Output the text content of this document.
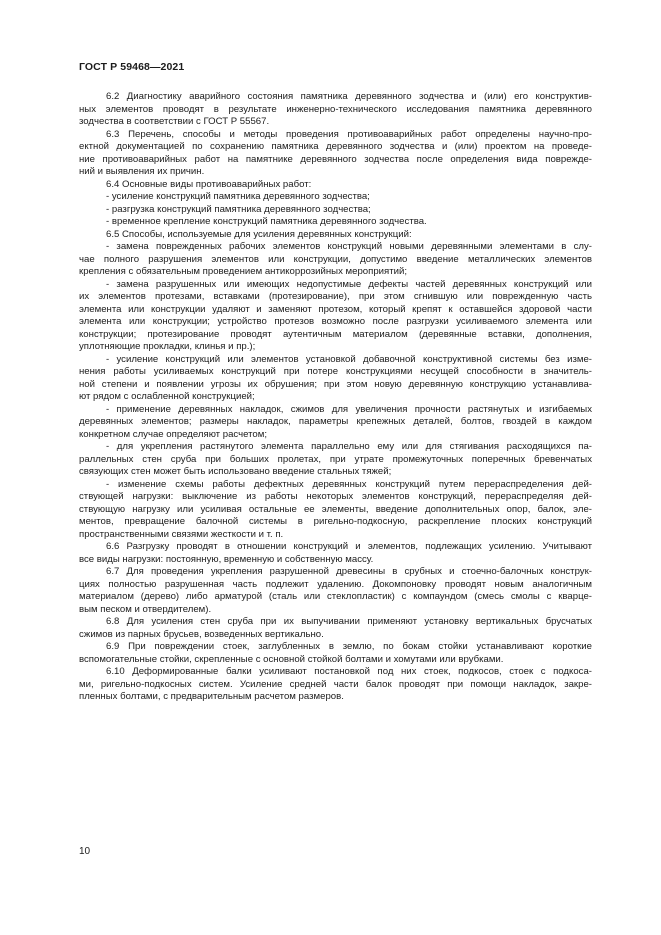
ГОСТ Р 59468—2021
6.2 Диагностику аварийного состояния памятника деревянного зодчества и (или) его конструктив-
ных элементов проводят в результате инженерно-технического исследования памятника деревянного
зодчества в соответствии с ГОСТ Р 55567.
6.3 Перечень, способы и методы проведения противоаварийных работ определены научно-про-
ектной документацией по сохранению памятника деревянного зодчества и (или) проектом на проведе-
ние противоаварийных работ на памятнике деревянного зодчества после определения вида поврежде-
ний и выявления их причин.
6.4 Основные виды противоаварийных работ:
- усиление конструкций памятника деревянного зодчества;
- разгрузка конструкций памятника деревянного зодчества;
- временное крепление конструкций памятника деревянного зодчества.
6.5 Способы, используемые для усиления деревянных конструкций:
- замена поврежденных рабочих элементов конструкций новыми деревянными элементами в слу-
чае полного разрушения элементов или конструкции, допустимо введение металлических элементов
крепления с обязательным проведением антикоррозийных мероприятий;
- замена разрушенных или имеющих недопустимые дефекты частей деревянных конструкций или
их элементов протезами, вставками (протезирование), при этом сгнившую или поврежденную часть
элемента или конструкции удаляют и заменяют протезом, который крепят к оставшейся здоровой части
элемента или конструкции; устройство протезов возможно после разгрузки усиливаемого элемента или
конструкции; протезирование проводят аутентичным материалом (деревянные вставки, дополнения,
уплотняющие прокладки, клинья и пр.);
- усиление конструкций или элементов установкой добавочной конструктивной системы без изме-
нения работы усиливаемых конструкций при потере конструкциями несущей способности в значитель-
ной степени и появлении угрозы их обрушения; при этом новую деревянную конструкцию устанавлива-
ют рядом с ослабленной конструкцией;
- применение деревянных накладок, сжимов для увеличения прочности растянутых и изгибаемых
деревянных элементов; размеры накладок, параметры крепежных деталей, болтов, гвоздей в каждом
конкретном случае определяют расчетом;
- для укрепления растянутого элемента параллельно ему или для стягивания расходящихся па-
раллельных стен сруба при больших пролетах, при утрате промежуточных поперечных бревенчатых
связующих стен может быть использовано введение стальных тяжей;
- изменение схемы работы дефектных деревянных конструкций путем перераспределения дей-
ствующей нагрузки: выключение из работы некоторых элементов конструкций, перераспределяя дей-
ствующую нагрузку или усиливая остальные ее элементы, введение дополнительных опор, балок, эле-
ментов, превращение балочной системы в ригельно-подкосную, раскрепление плоских конструкций
пространственными связями жесткости и т. п.
6.6 Разгрузку проводят в отношении конструкций и элементов, подлежащих усилению. Учитывают
все виды нагрузки: постоянную, временную и собственную массу.
6.7 Для проведения укрепления разрушенной древесины в срубных и стоечно-балочных конструк-
циях полностью разрушенная часть подлежит удалению. Докомпоновку проводят новым аналогичным
материалом (дерево) либо арматурой (сталь или стеклопластик) с компаундом (смесь смолы с кварце-
вым песком и отвердителем).
6.8 Для усиления стен сруба при их выпучивании применяют установку вертикальных брусчатых
сжимов из парных брусьев, возведенных вертикально.
6.9 При повреждении стоек, заглубленных в землю, по бокам стойки устанавливают короткие
вспомогательные стойки, скрепленные с основной стойкой болтами и хомутами или врубками.
6.10 Деформированные балки усиливают постановкой под них стоек, подкосов, стоек с подкоса-
ми, ригельно-подкосных систем. Усиление средней части балок проводят при помощи накладок, закре-
пленных болтами, с предварительным расчетом размеров.
10
